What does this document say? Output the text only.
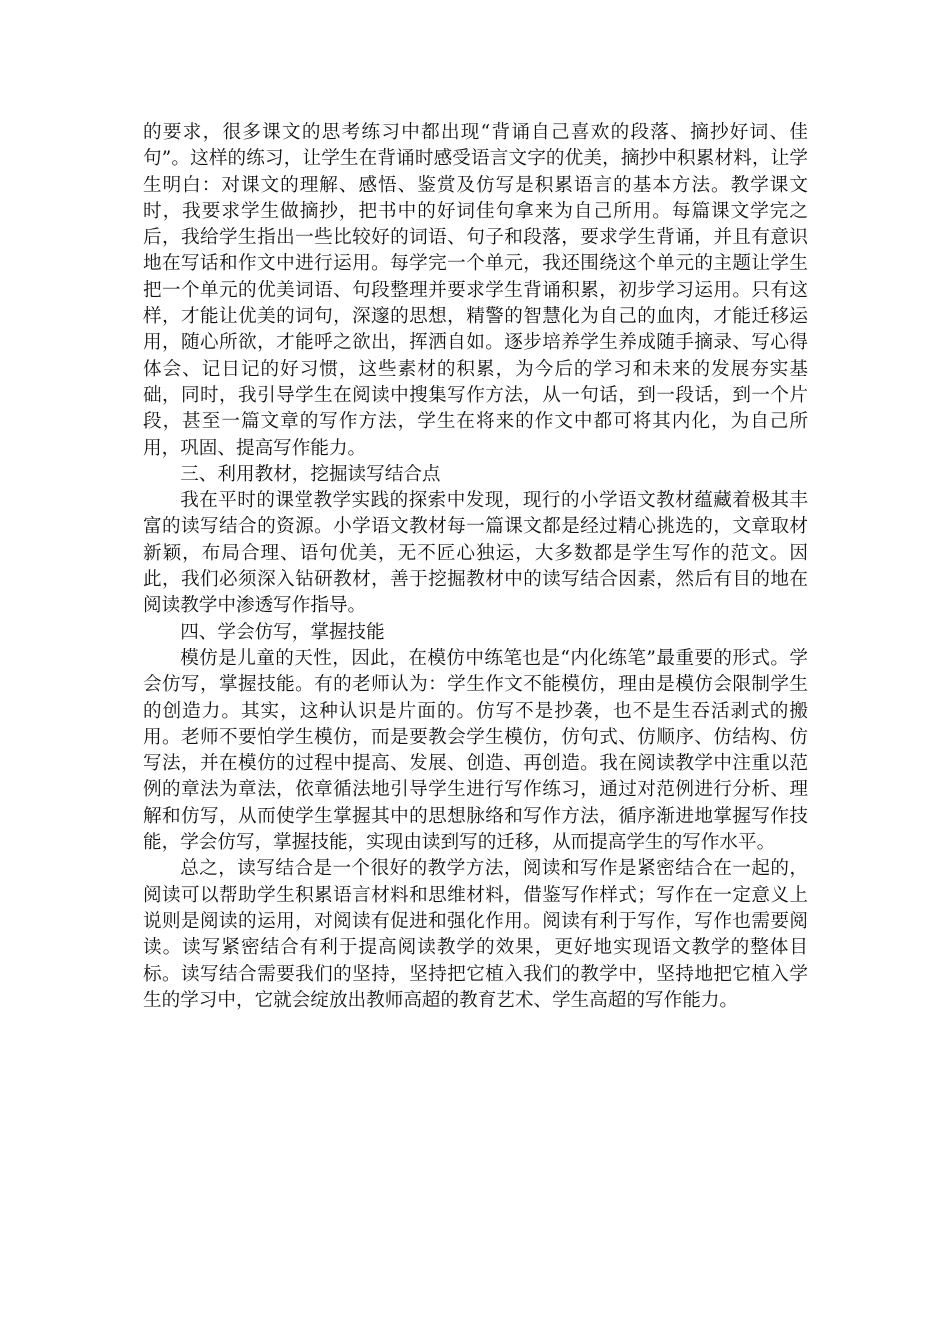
的要求，很多课文的思考练习中都出现“背诵自己喜欢的段落、摘抄好词、佳句”。这样的练习，让学生在背诵时感受语言文字的优美，摘抄中积累材料，让学生明白：对课文的理解、感悟、鉴赏及仿写是积累语言的基本方法。教学课文时，我要求学生做摘抄，把书中的好词佳句拿来为自己所用。每篇课文学完之后，我给学生指出一些比较好的词语、句子和段落，要求学生背诵，并且有意识地在写话和作文中进行运用。每学完一个单元，我还围绕这个单元的主题让学生把一个单元的优美词语、句段整理并要求学生背诵积累，初步学习运用。只有这样，才能让优美的词句，深邃的思想，精警的智慧化为自己的血肉，才能迁移运用，随心所欲，才能呼之欲出，挥洒自如。逐步培养学生养成随手摘录、写心得体会、记日记的好习惯，这些素材的积累，为今后的学习和未来的发展夯实基础，同时，我引导学生在阅读中搜集写作方法，从一句话，到一段话，到一个片段，甚至一篇文章的写作方法，学生在将来的作文中都可将其内化，为自己所用，巩固、提高写作能力。

三、利用教材，挖掘读写结合点

我在平时的课堂教学实践的探索中发现，现行的小学语文教材蕴藏着极其丰富的读写结合的资源。小学语文教材每一篇课文都是经过精心挑选的，文章取材新颖，布局合理、语句优美，无不匠心独运，大多数都是学生写作的范文。因此，我们必须深入钻研教材，善于挖掘教材中的读写结合因素，然后有目的地在阅读教学中渗透写作指导。

四、学会仿写，掌握技能

模仿是儿童的天性，因此，在模仿中练笔也是“内化练笔”最重要的形式。学会仿写，掌握技能。有的老师认为：学生作文不能模仿，理由是模仿会限制学生的创造力。其实，这种认识是片面的。仿写不是抄袭，也不是生吞活剥式的搬用。老师不要怕学生模仿，而是要教会学生模仿，仿句式、仿顺序、仿结构、仿写法，并在模仿的过程中提高、发展、创造、再创造。我在阅读教学中注重以范例的章法为章法，依章循法地引导学生进行写作练习，通过对范例进行分析、理解和仿写，从而使学生掌握其中的思想脉络和写作方法，循序渐进地掌握写作技能，学会仿写，掌握技能，实现由读到写的迁移，从而提高学生的写作水平。

总之，读写结合是一个很好的教学方法，阅读和写作是紧密结合在一起的，阅读可以帮助学生积累语言材料和思维材料，借鉴写作样式；写作在一定意义上说则是阅读的运用，对阅读有促进和强化作用。阅读有利于写作，写作也需要阅读。读写紧密结合有利于提高阅读教学的效果，更好地实现语文教学的整体目标。读写结合需要我们的坚持，坚持把它植入我们的教学中，坚持地把它植入学生的学习中，它就会绽放出教师高超的教育艺术、学生高超的写作能力。
